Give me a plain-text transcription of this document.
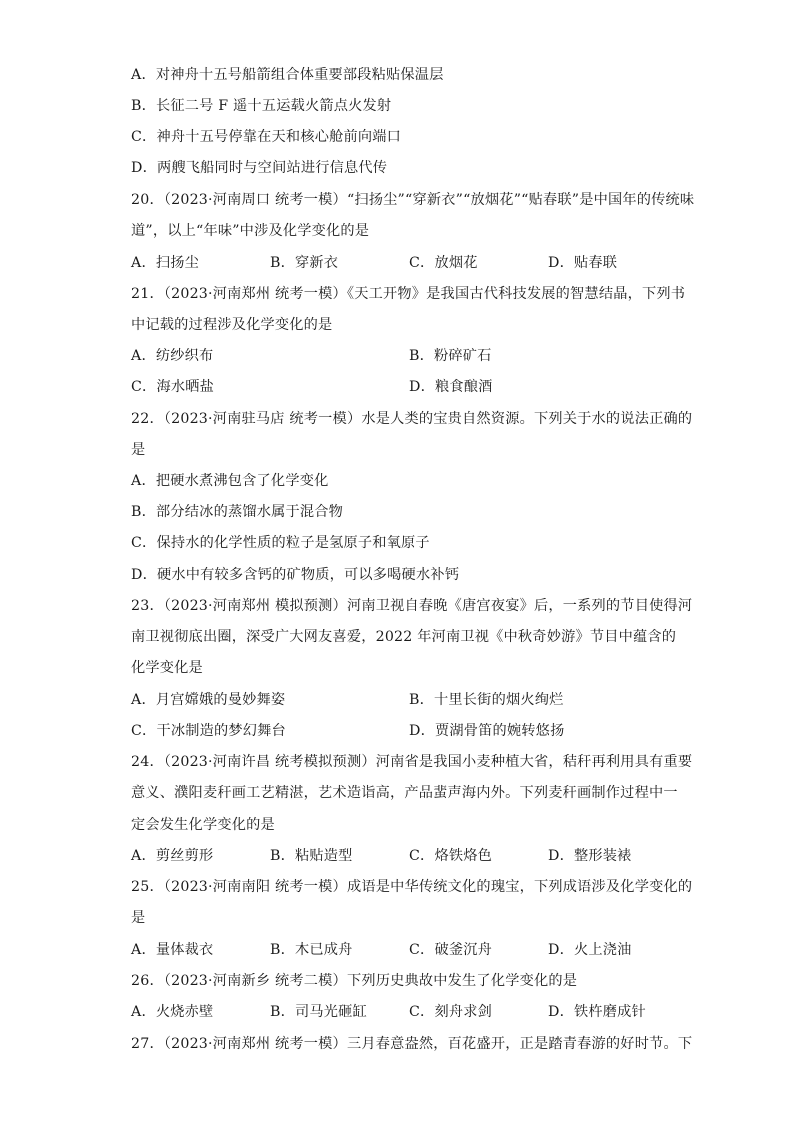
A．对神舟十五号船箭组合体重要部段粘贴保温层
B．长征二号 F 遥十五运载火箭点火发射
C．神舟十五号停靠在天和核心舱前向端口
D．两艘飞船同时与空间站进行信息代传
20．（2023·河南周口 统考一模）“扫扬尘”“穿新衣”“放烟花”“贴春联”是中国年的传统味
道”，以上“年味”中涉及化学变化的是
A．扫扬尘	B．穿新衣	C．放烟花	D．贴春联
21．（2023·河南郑州 统考一模）《天工开物》是我国古代科技发展的智慧结晶，下列书
中记载的过程涉及化学变化的是
A．纺纱织布	B．粉碎矿石
C．海水晒盐	D．粮食酿酒
22．（2023·河南驻马店 统考一模）水是人类的宝贵自然资源。下列关于水的说法正确的
是
A．把硬水煮沸包含了化学变化
B．部分结冰的蒸馏水属于混合物
C．保持水的化学性质的粒子是氢原子和氧原子
D．硬水中有较多含钙的矿物质，可以多喝硬水补钙
23．（2023·河南郑州 模拟预测）河南卫视自春晚《唐宫夜宴》后，一系列的节目使得河
南卫视彻底出圈，深受广大网友喜爱，2022 年河南卫视《中秋奇妙游》节目中蕴含的
化学变化是
A．月宫嫦娥的曼妙舞姿	B．十里长街的烟火绚烂
C．干冰制造的梦幻舞台	D．贾湖骨笛的婉转悠扬
24．（2023·河南许昌 统考模拟预测）河南省是我国小麦种植大省，秸秆再利用具有重要
意义、濮阳麦秆画工艺精湛，艺术造诣高，产品蜚声海内外。下列麦秆画制作过程中一
定会发生化学变化的是
A．剪丝剪形	B．粘贴造型	C．烙铁烙色	D．整形装裱
25．（2023·河南南阳 统考一模）成语是中华传统文化的瑰宝，下列成语涉及化学变化的
是
A．量体裁衣	B．木已成舟	C．破釜沉舟	D．火上浇油
26．（2023·河南新乡 统考二模）下列历史典故中发生了化学变化的是
A．火烧赤壁	B．司马光砸缸	C．刻舟求剑	D．铁杵磨成针
27．（2023·河南郑州 统考一模）三月春意盎然，百花盛开，正是踏青春游的好时节。下
